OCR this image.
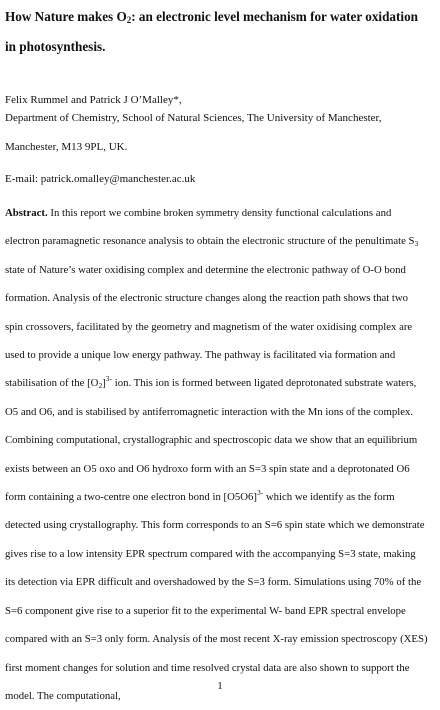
How Nature makes $O_2$: an electronic level mechanism for water oxidation in photosynthesis.

Felix Rummel and Patrick J O’Malley*,

Department of Chemistry, School of Natural Sciences, The University of Manchester, Manchester, M13 9PL, UK.

E-mail: patrick.omalley@manchester.ac.uk

Abstract. In this report we combine broken symmetry density functional calculations and electron paramagnetic resonance analysis to obtain the electronic structure of the penultimate $S_3$ state of Nature’s water oxidising complex and determine the electronic pathway of O-O bond formation. Analysis of the electronic structure changes along the reaction path shows that two spin crossovers, facilitated by the geometry and magnetism of the water oxidising complex are used to provide a unique low energy pathway. The pathway is facilitated via formation and stabilisation of the $[O_2]^{3-}$ ion. This ion is formed between ligated deprotonated substrate waters, O5 and O6, and is stabilised by antiferromagnetic interaction with the Mn ions of the complex. Combining computational, crystallographic and spectroscopic data we show that an equilibrium exists between an O5 oxo and O6 hydroxo form with an S=3 spin state and a deprotonated O6 form containing a two-centre one electron bond in $[O5O6]^{3-}$ which we identify as the form detected using crystallography. This form corresponds to an S=6 spin state which we demonstrate gives rise to a low intensity EPR spectrum compared with the accompanying S=3 state, making its detection via EPR difficult and overshadowed by the S=3 form. Simulations using 70% of the S=6 component give rise to a superior fit to the experimental W- band EPR spectral envelope compared with an S=3 only form. Analysis of the most recent X-ray emission spectroscopy (XES) first moment changes for solution and time resolved crystal data are also shown to support the model. The computational,

1
